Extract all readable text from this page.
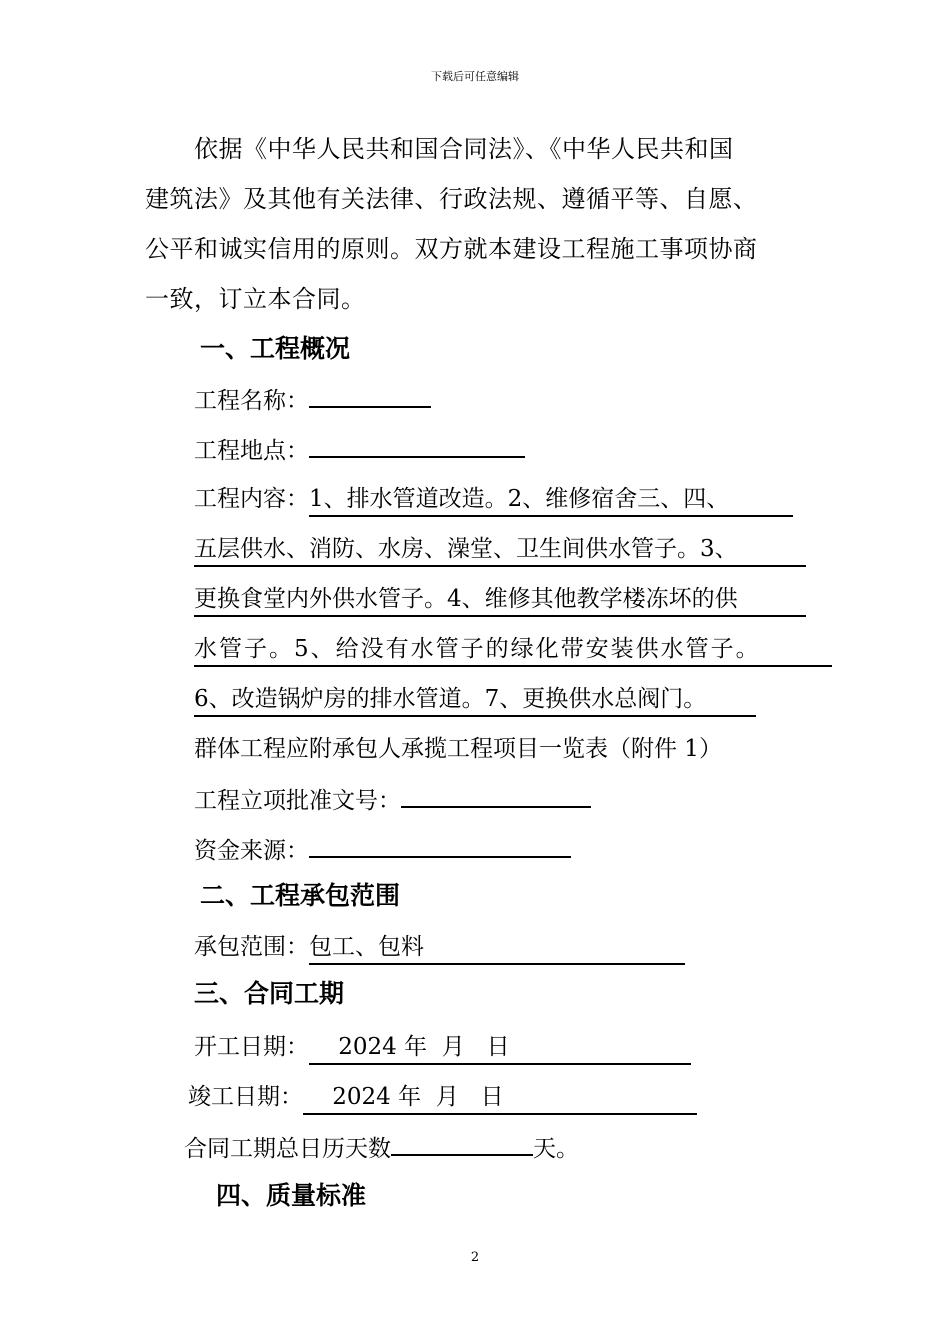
下载后可任意编辑
依据《中华人民共和国合同法》、《中华人民共和国
建筑法》及其他有关法律、行政法规、遵循平等、自愿、
公平和诚实信用的原则。双方就本建设工程施工事项协商
一致，订立本合同。
一、工程概况
工程名称：
工程地点：
工程内容：1、排水管道改造。2、维修宿舍三、四、
五层供水、消防、水房、澡堂、卫生间供水管子。3、
更换食堂内外供水管子。4、维修其他教学楼冻坏的供
水管子。5、给没有水管子的绿化带安装供水管子。
6、改造锅炉房的排水管道。7、更换供水总阀门。
群体工程应附承包人承揽工程项目一览表（附件 1）
工程立项批准文号：
资金来源：
二、工程承包范围
承包范围：包工、包料
三、合同工期
开工日期：    2024 年  月   日
竣工日期：    2024 年  月   日
合同工期总日历天数	天。
四、质量标准
2
